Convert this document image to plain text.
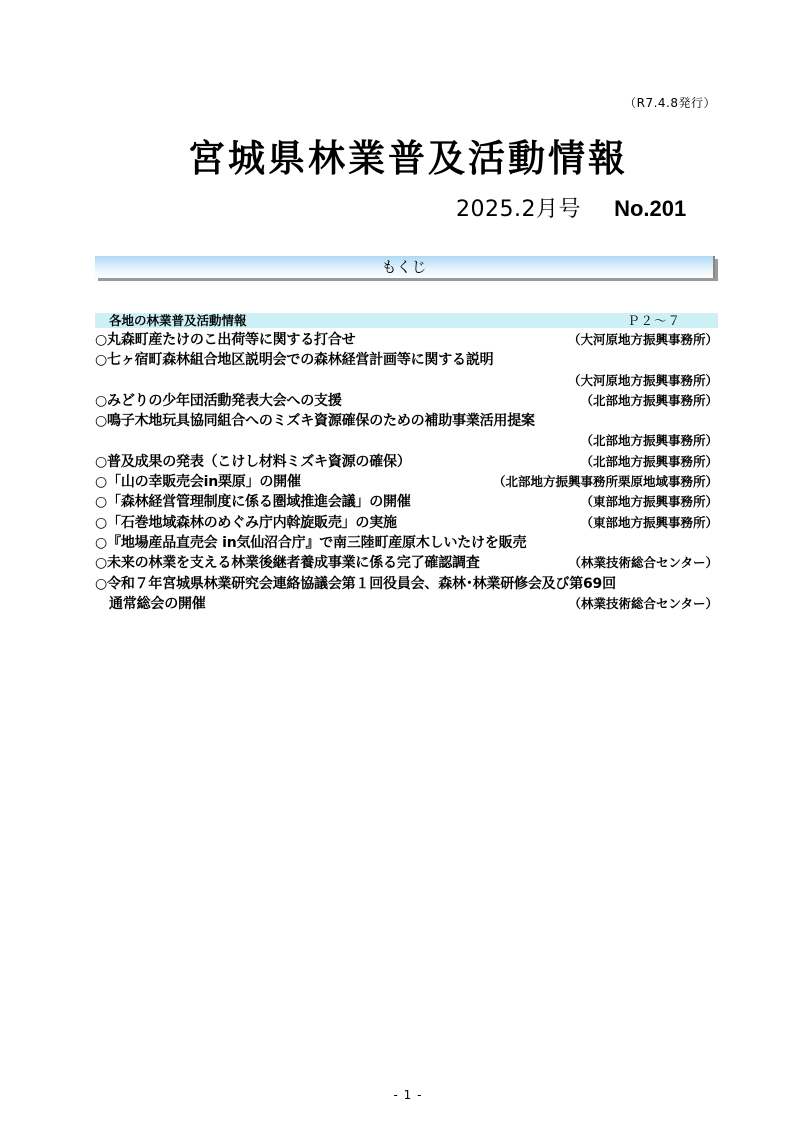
（R7.4.8発行）
宮城県林業普及活動情報
2025.2月号 No.201
もくじ
各地の林業普及活動情報	Ｐ２～７
○丸森町産たけのこ出荷等に関する打合せ	（大河原地方振興事務所）
○七ヶ宿町森林組合地区説明会での森林経営計画等に関する説明
（大河原地方振興事務所）
○みどりの少年団活動発表大会への支援	（北部地方振興事務所）
○鳴子木地玩具協同組合へのミズキ資源確保のための補助事業活用提案
（北部地方振興事務所）
○普及成果の発表（こけし材料ミズキ資源の確保）	（北部地方振興事務所）
○「山の幸販売会in栗原」の開催	（北部地方振興事務所栗原地域事務所）
○「森林経営管理制度に係る圏域推進会議」の開催	（東部地方振興事務所）
○「石巻地域森林のめぐみ庁内斡旋販売」の実施	（東部地方振興事務所）
○『地場産品直売会 in気仙沼合庁』で南三陸町産原木しいたけを販売
○未来の林業を支える林業後継者養成事業に係る完了確認調査	（林業技術総合センター）
○令和７年宮城県林業研究会連絡協議会第１回役員会、森林･林業研修会及び第69回
通常総会の開催	（林業技術総合センター）
- 1 -
